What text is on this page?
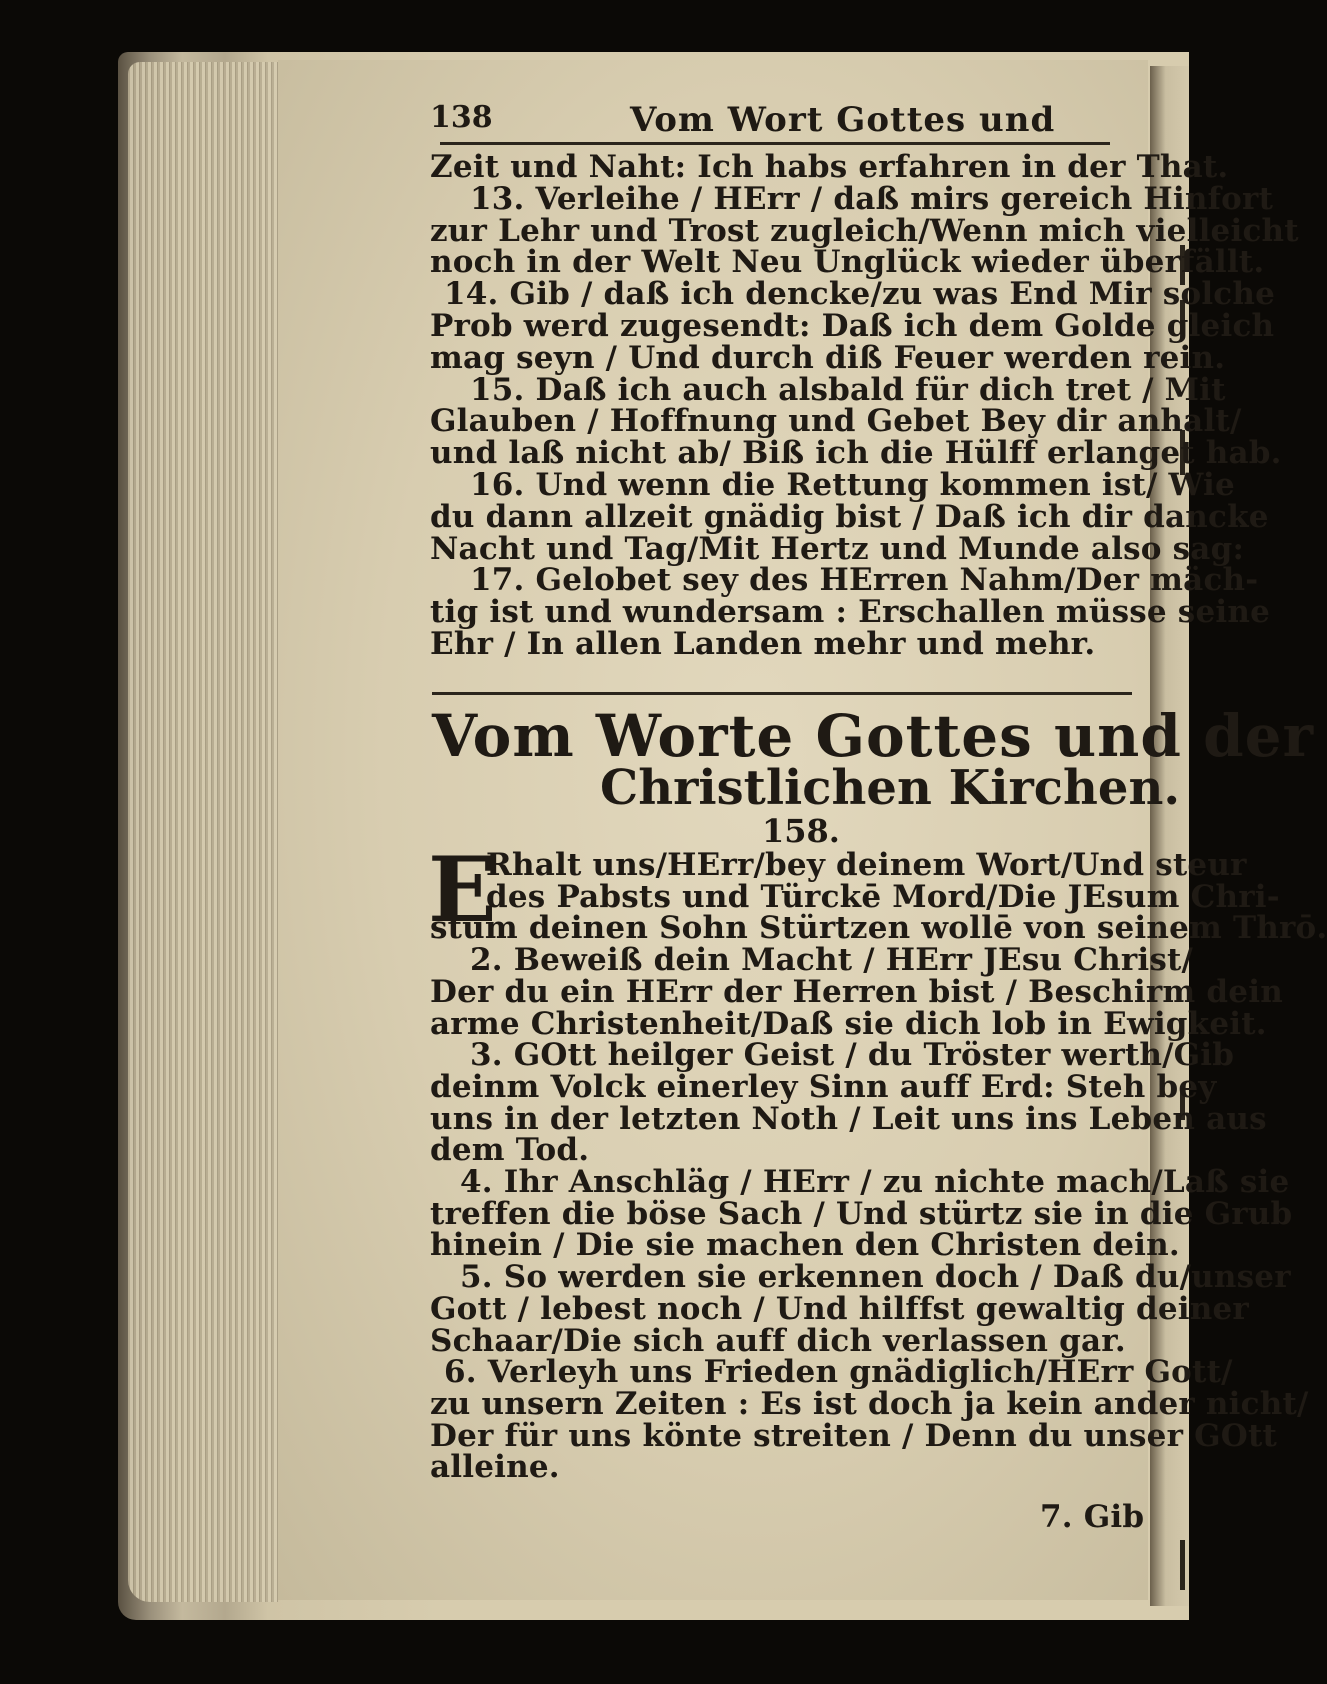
138	Vom Wort Gottes und
Zeit und Naht: Ich habs erfahren in der That.
13. Verleihe / HErr / daß mirs gereich Hinfort
zur Lehr und Trost zugleich/Wenn mich vielleicht
noch in der Welt Neu Unglück wieder überfällt.
14. Gib / daß ich dencke/zu was End Mir solche
Prob werd zugesendt: Daß ich dem Golde gleich
mag seyn / Und durch diß Feuer werden rein.
15. Daß ich auch alsbald für dich tret / Mit
Glauben / Hoffnung und Gebet Bey dir anhalt/
und laß nicht ab/ Biß ich die Hülff erlanget hab.
16. Und wenn die Rettung kommen ist/ Wie
du dann allzeit gnädig bist / Daß ich dir dancke
Nacht und Tag/Mit Hertz und Munde also sag:
17. Gelobet sey des HErren Nahm/Der mäch-
tig ist und wundersam : Erschallen müsse seine
Ehr / In allen Landen mehr und mehr.
Vom Worte Gottes und der
Christlichen Kirchen.
158.
E
Rhalt uns/HErr/bey deinem Wort/Und steur
des Pabsts und Türckē Mord/Die JEsum Chri-
stum deinen Sohn Stürtzen wollē von seinem Thrō.
2. Beweiß dein Macht / HErr JEsu Christ/
Der du ein HErr der Herren bist / Beschirm dein
arme Christenheit/Daß sie dich lob in Ewigkeit.
3. GOtt heilger Geist / du Tröster werth/Gib
deinm Volck einerley Sinn auff Erd: Steh bey
uns in der letzten Noth / Leit uns ins Leben aus
dem Tod.
4. Ihr Anschläg / HErr / zu nichte mach/Laß sie
treffen die böse Sach / Und stürtz sie in die Grub
hinein / Die sie machen den Christen dein.
5. So werden sie erkennen doch / Daß du/unser
Gott / lebest noch / Und hilffst gewaltig deiner
Schaar/Die sich auff dich verlassen gar.
6. Verleyh uns Frieden gnädiglich/HErr Gott/
zu unsern Zeiten : Es ist doch ja kein ander nicht/
Der für uns könte streiten / Denn du unser GOtt
alleine.
7. Gib
